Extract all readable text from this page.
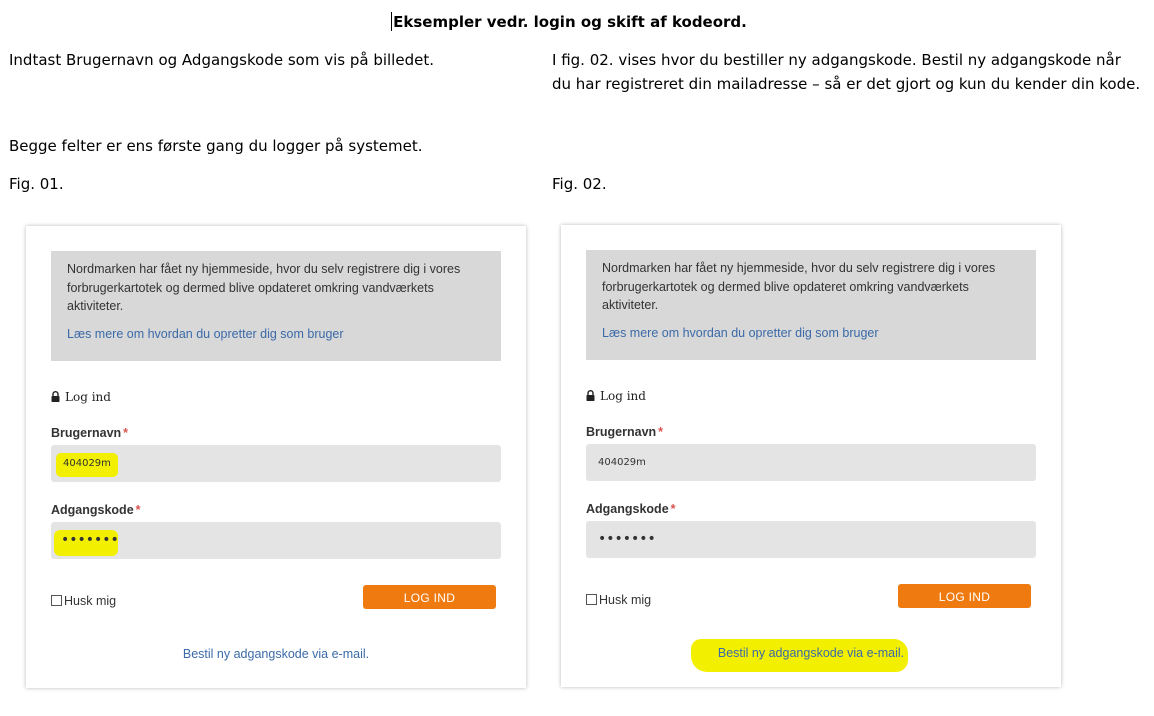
Eksempler vedr. login og skift af kodeord.

Indtast Brugernavn og Adgangskode som vis på billedet.

Begge felter er ens første gang du logger på systemet.

Fig. 01.

I fig. 02. vises hvor du bestiller ny adgangskode. Bestil ny adgangskode når du har registreret din mailadresse – så er det gjort og kun du kender din kode.

Fig. 02.

Nordmarken har fået ny hjemmeside, hvor du selv registrere dig i vores forbrugerkartotek og dermed blive opdateret omkring vandværkets aktiviteter.

Læs mere om hvordan du opretter dig som bruger
Log ind
Brugernavn *
404029m
Adgangskode *
•••••••
Husk mig	LOG IND
Bestil ny adgangskode via e-mail.

Nordmarken har fået ny hjemmeside, hvor du selv registrere dig i vores forbrugerkartotek og dermed blive opdateret omkring vandværkets aktiviteter.

Læs mere om hvordan du opretter dig som bruger
Log ind
Brugernavn *
404029m
Adgangskode *
•••••••
Husk mig	LOG IND
Bestil ny adgangskode via e-mail.
